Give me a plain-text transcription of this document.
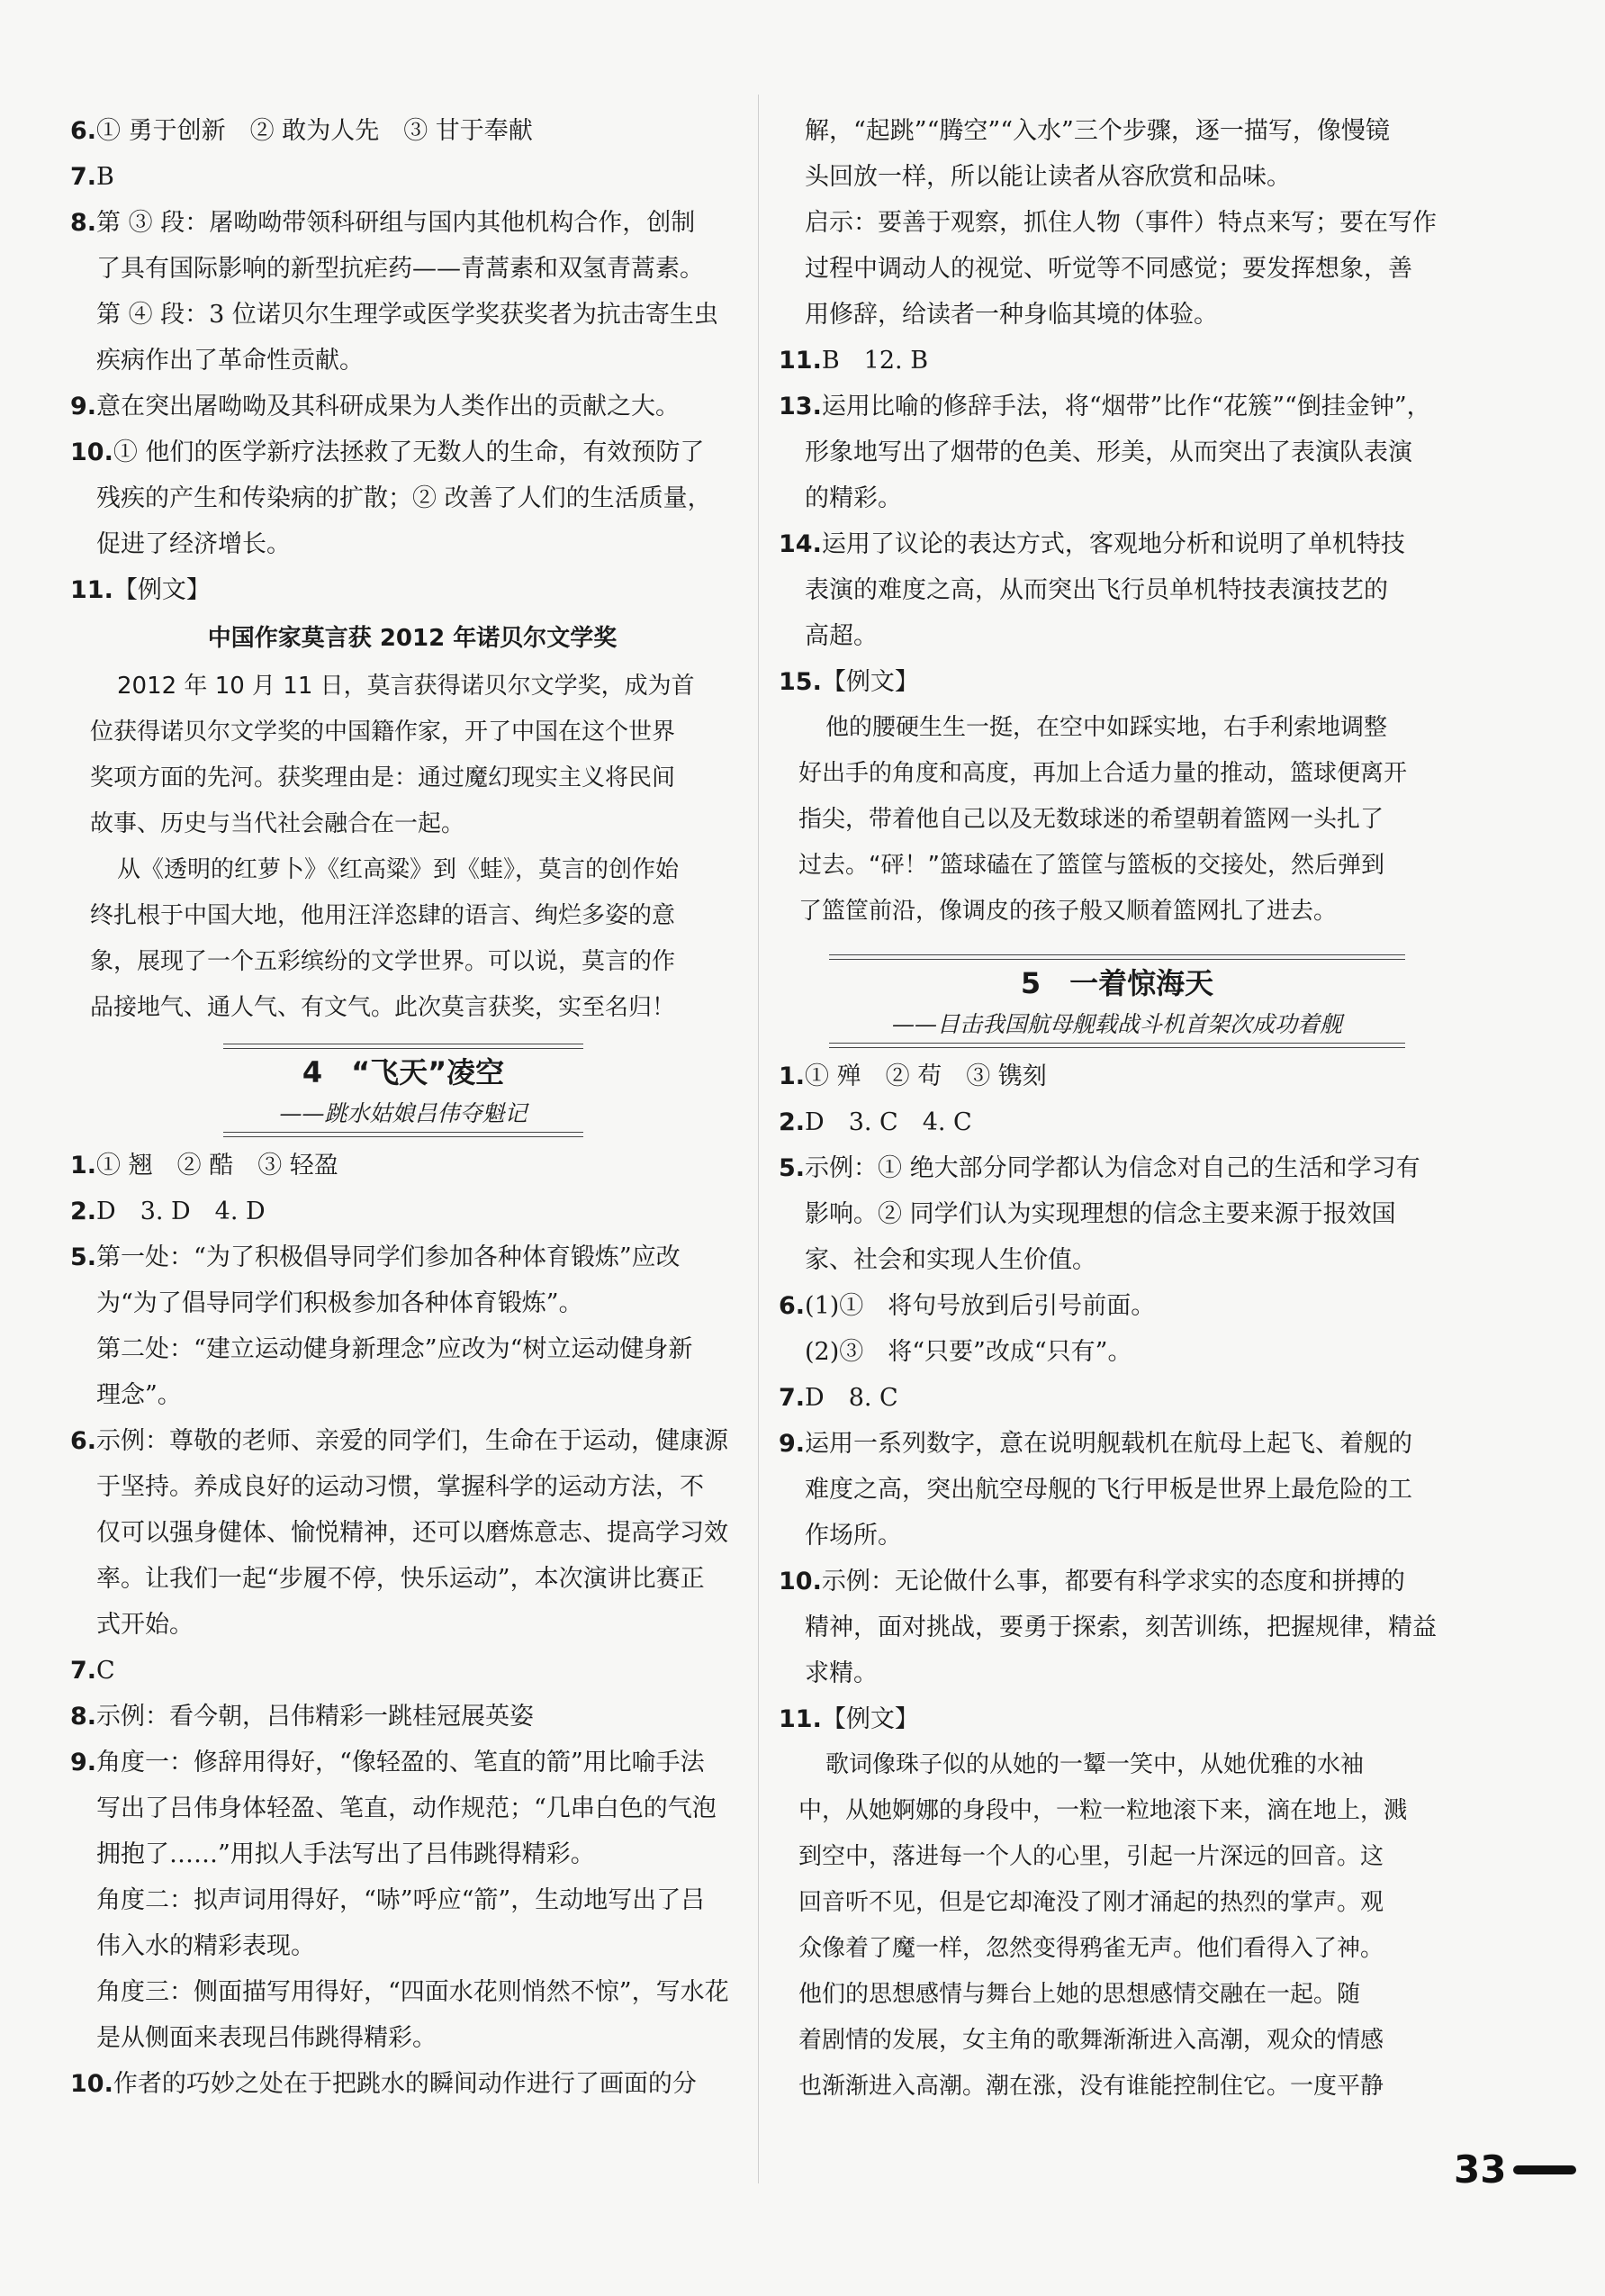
6.① 勇于创新　② 敢为人先　③ 甘于奉献
7.B
8.第 ③ 段：屠呦呦带领科研组与国内其他机构合作，创制
了具有国际影响的新型抗疟药——青蒿素和双氢青蒿素。
第 ④ 段：3 位诺贝尔生理学或医学奖获奖者为抗击寄生虫
疾病作出了革命性贡献。
9.意在突出屠呦呦及其科研成果为人类作出的贡献之大。
10.① 他们的医学新疗法拯救了无数人的生命，有效预防了
残疾的产生和传染病的扩散；② 改善了人们的生活质量，
促进了经济增长。
11.【例文】
中国作家莫言获 2012 年诺贝尔文学奖
2012 年 10 月 11 日，莫言获得诺贝尔文学奖，成为首
位获得诺贝尔文学奖的中国籍作家，开了中国在这个世界
奖项方面的先河。获奖理由是：通过魔幻现实主义将民间
故事、历史与当代社会融合在一起。
从《透明的红萝卜》《红高粱》到《蛙》，莫言的创作始
终扎根于中国大地，他用汪洋恣肆的语言、绚烂多姿的意
象，展现了一个五彩缤纷的文学世界。可以说，莫言的作
品接地气、通人气、有文气。此次莫言获奖，实至名归！
4　“飞天”凌空
——跳水姑娘吕伟夺魁记
1.① 翘　② 酷　③ 轻盈
2.D　3. D　4. D
5.第一处：“为了积极倡导同学们参加各种体育锻炼”应改
为“为了倡导同学们积极参加各种体育锻炼”。
第二处：“建立运动健身新理念”应改为“树立运动健身新
理念”。
6.示例：尊敬的老师、亲爱的同学们，生命在于运动，健康源
于坚持。养成良好的运动习惯，掌握科学的运动方法，不
仅可以强身健体、愉悦精神，还可以磨炼意志、提高学习效
率。让我们一起“步履不停，快乐运动”，本次演讲比赛正
式开始。
7.C
8.示例：看今朝，吕伟精彩一跳桂冠展英姿
9.角度一：修辞用得好，“像轻盈的、笔直的箭”用比喻手法
写出了吕伟身体轻盈、笔直，动作规范；“几串白色的气泡
拥抱了……”用拟人手法写出了吕伟跳得精彩。
角度二：拟声词用得好，“哧”呼应“箭”，生动地写出了吕
伟入水的精彩表现。
角度三：侧面描写用得好，“四面水花则悄然不惊”，写水花
是从侧面来表现吕伟跳得精彩。
10.作者的巧妙之处在于把跳水的瞬间动作进行了画面的分
解，“起跳”“腾空”“入水”三个步骤，逐一描写，像慢镜
头回放一样，所以能让读者从容欣赏和品味。
启示：要善于观察，抓住人物（事件）特点来写；要在写作
过程中调动人的视觉、听觉等不同感觉；要发挥想象，善
用修辞，给读者一种身临其境的体验。
11.B　12. B
13.运用比喻的修辞手法，将“烟带”比作“花簇”“倒挂金钟”，
形象地写出了烟带的色美、形美，从而突出了表演队表演
的精彩。
14.运用了议论的表达方式，客观地分析和说明了单机特技
表演的难度之高，从而突出飞行员单机特技表演技艺的
高超。
15.【例文】
他的腰硬生生一挺，在空中如踩实地，右手利索地调整
好出手的角度和高度，再加上合适力量的推动，篮球便离开
指尖，带着他自己以及无数球迷的希望朝着篮网一头扎了
过去。“砰！”篮球磕在了篮筐与篮板的交接处，然后弹到
了篮筐前沿，像调皮的孩子般又顺着篮网扎了进去。
5　一着惊海天
——目击我国航母舰载战斗机首架次成功着舰
1.① 殚　② 苟　③ 镌刻
2.D　3. C　4. C
5.示例：① 绝大部分同学都认为信念对自己的生活和学习有
影响。② 同学们认为实现理想的信念主要来源于报效国
家、社会和实现人生价值。
6.(1)①　将句号放到后引号前面。
(2)③　将“只要”改成“只有”。
7.D　8. C
9.运用一系列数字，意在说明舰载机在航母上起飞、着舰的
难度之高，突出航空母舰的飞行甲板是世界上最危险的工
作场所。
10.示例：无论做什么事，都要有科学求实的态度和拼搏的
精神，面对挑战，要勇于探索，刻苦训练，把握规律，精益
求精。
11.【例文】
歌词像珠子似的从她的一颦一笑中，从她优雅的水袖
中，从她婀娜的身段中，一粒一粒地滚下来，滴在地上，溅
到空中，落进每一个人的心里，引起一片深远的回音。这
回音听不见，但是它却淹没了刚才涌起的热烈的掌声。观
众像着了魔一样，忽然变得鸦雀无声。他们看得入了神。
他们的思想感情与舞台上她的思想感情交融在一起。随
着剧情的发展，女主角的歌舞渐渐进入高潮，观众的情感
也渐渐进入高潮。潮在涨，没有谁能控制住它。一度平静
33
